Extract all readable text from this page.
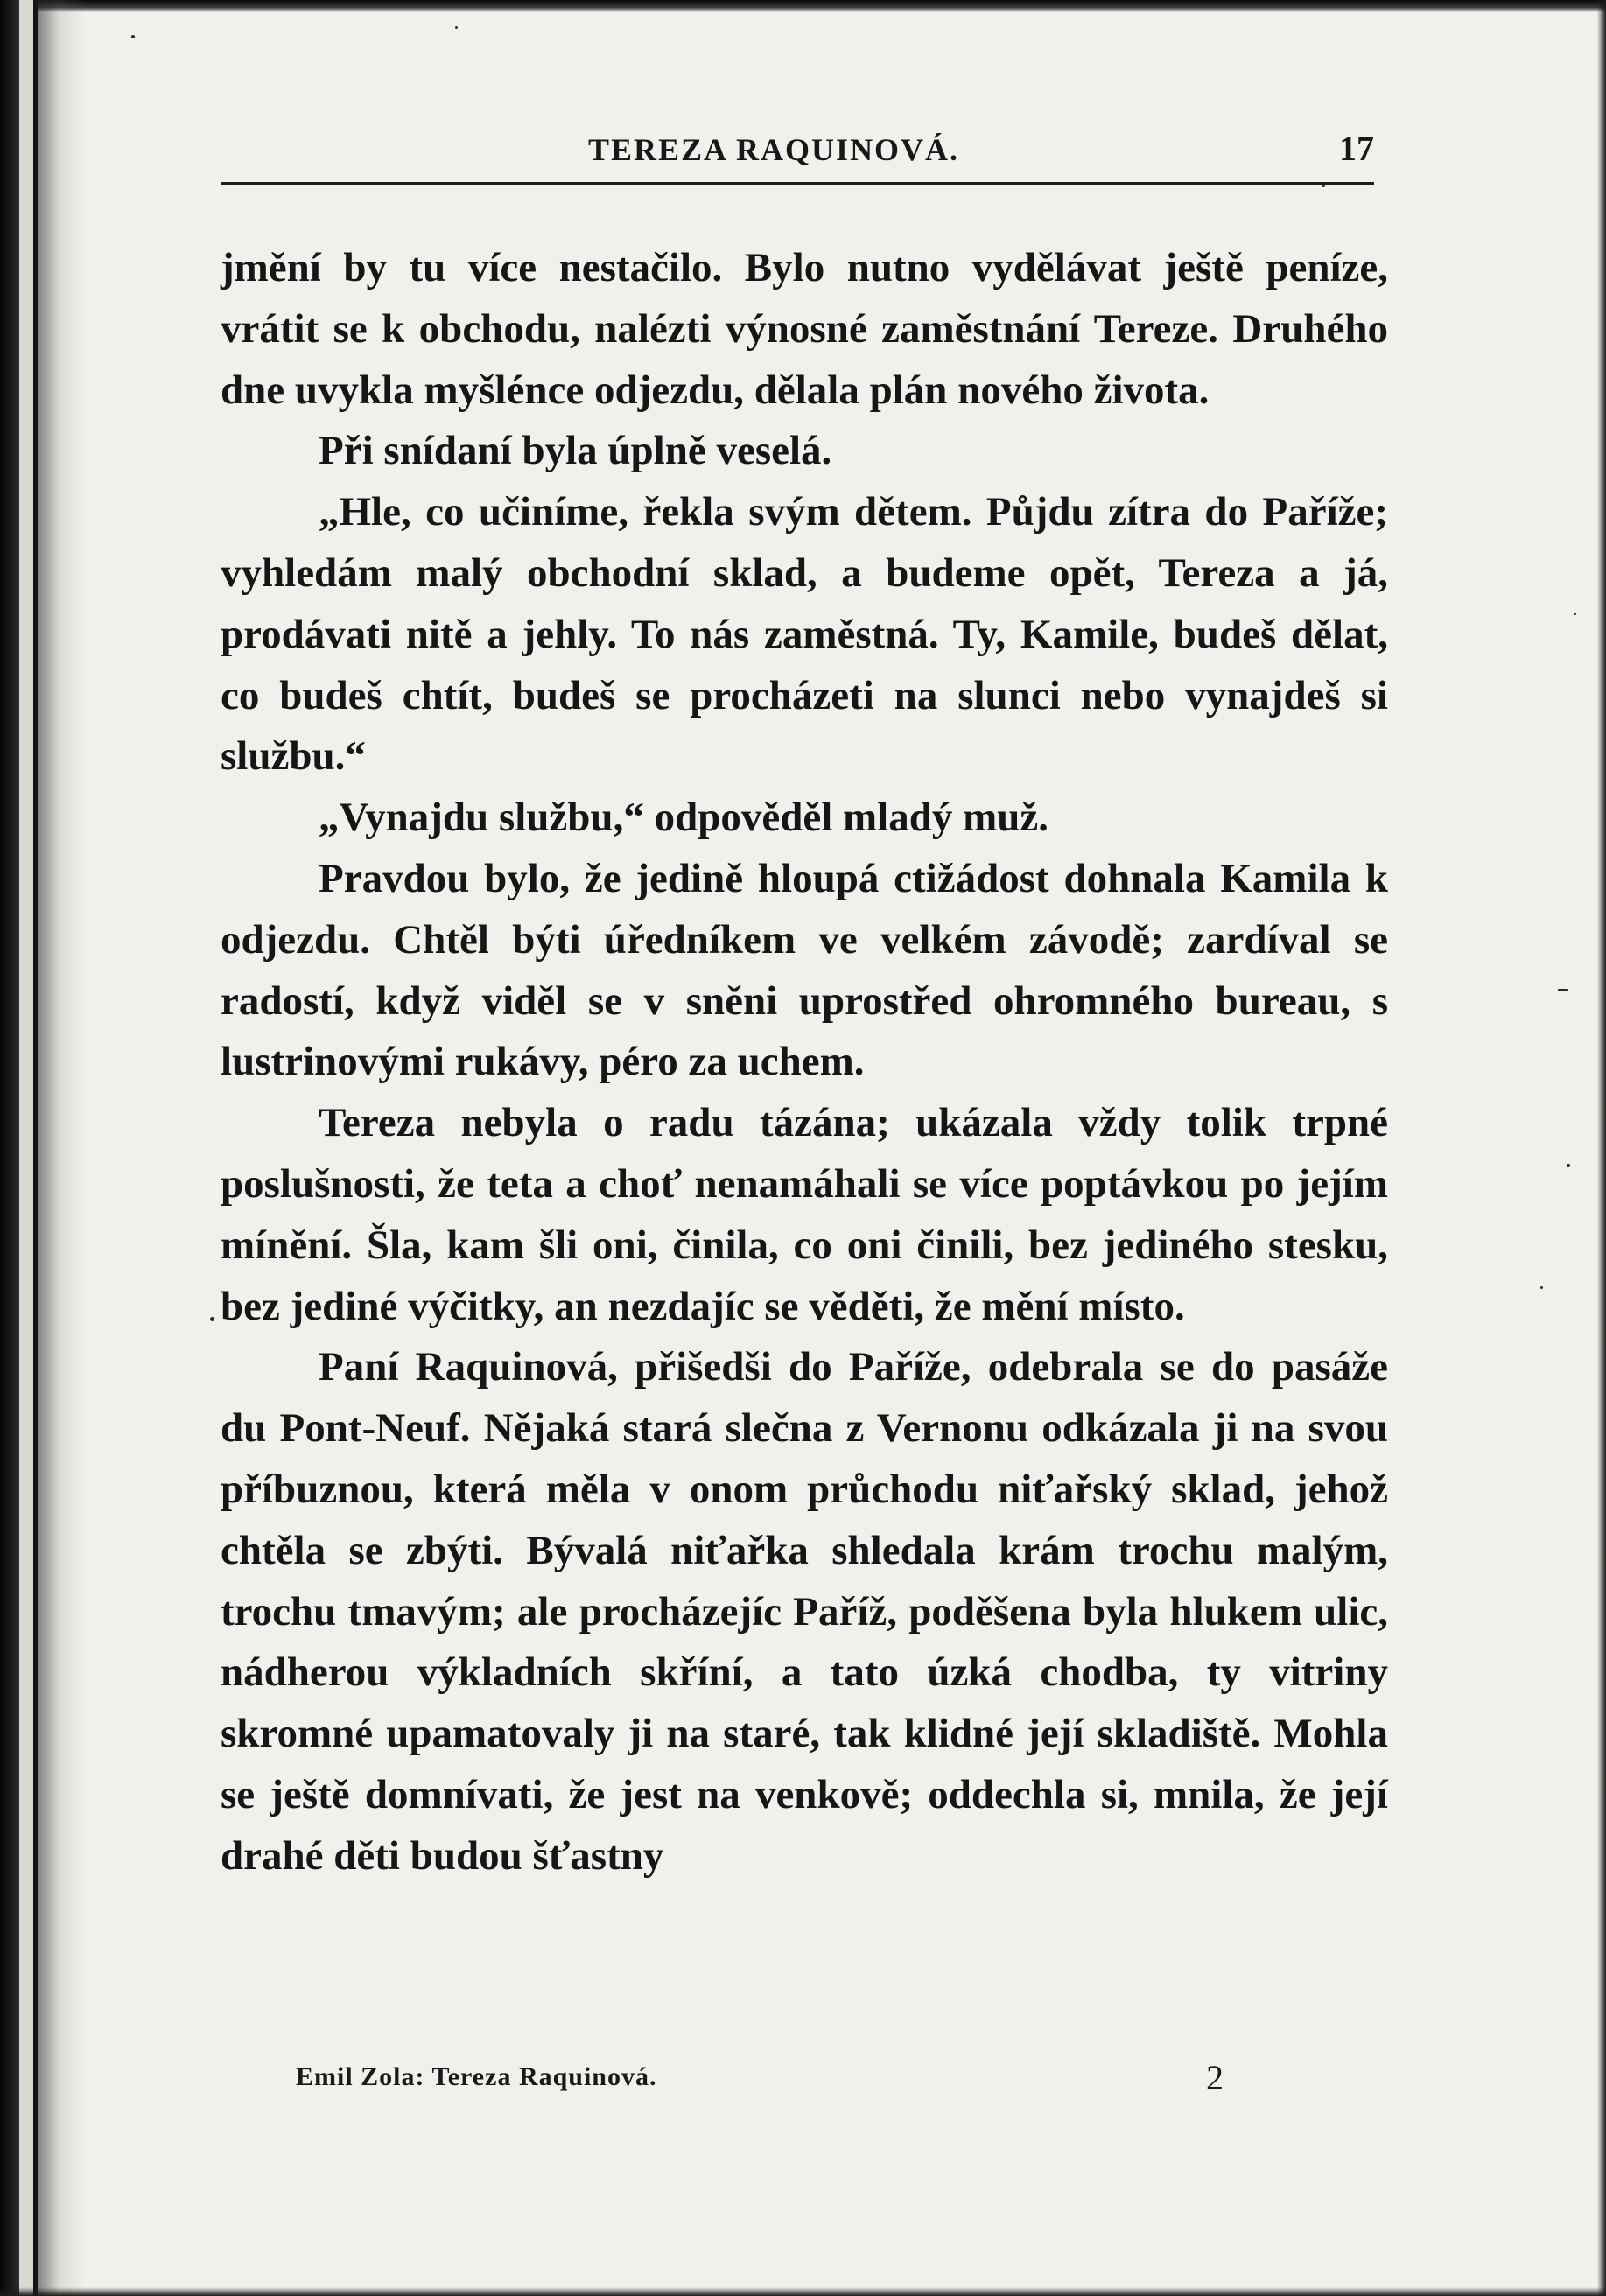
TEREZA RAQUINOVÁ.	17

jmění by tu více nestačilo. Bylo nutno vydělávat ještě peníze, vrátit se k obchodu, nalézti výnosné zaměstnání Tereze. Druhého dne uvykla myšlénce odjezdu, dělala plán nového života.

Při snídaní byla úplně veselá.

„Hle, co učiníme, řekla svým dětem. Půjdu zítra do Paříže; vyhledám malý obchodní sklad, a budeme opět, Tereza a já, prodávati nitě a jehly. To nás zaměstná. Ty, Kamile, budeš dělat, co budeš chtít, budeš se procházeti na slunci nebo vynajdeš si službu.“

„Vynajdu službu,“ odpověděl mladý muž.

Pravdou bylo, že jedině hloupá ctižádost dohnala Kamila k odjezdu. Chtěl býti úředníkem ve velkém závodě; zardíval se radostí, když viděl se v sněni uprostřed ohromného bureau, s lustrinovými rukávy, péro za uchem.

Tereza nebyla o radu tázána; ukázala vždy tolik trpné poslušnosti, že teta a choť nenamáhali se více poptávkou po jejím mínění. Šla, kam šli oni, činila, co oni činili, bez jediného stesku, bez jediné výčitky, an nezdajíc se věděti, že mění místo.

Paní Raquinová, přišedši do Paříže, odebrala se do pasáže du Pont-Neuf. Nějaká stará slečna z Vernonu odkázala ji na svou příbuznou, která měla v onom průchodu niťařský sklad, jehož chtěla se zbýti. Bývalá niťařka shledala krám trochu malým, trochu tmavým; ale procházejíc Paříž, poděšena byla hlukem ulic, nádherou výkladních skříní, a tato úzká chodba, ty vitriny skromné upamatovaly ji na staré, tak klidné její skladiště. Mohla se ještě domnívati, že jest na venkově; oddechla si, mnila, že její drahé děti budou šťastny

Emil Zola: Tereza Raquinová.	2
